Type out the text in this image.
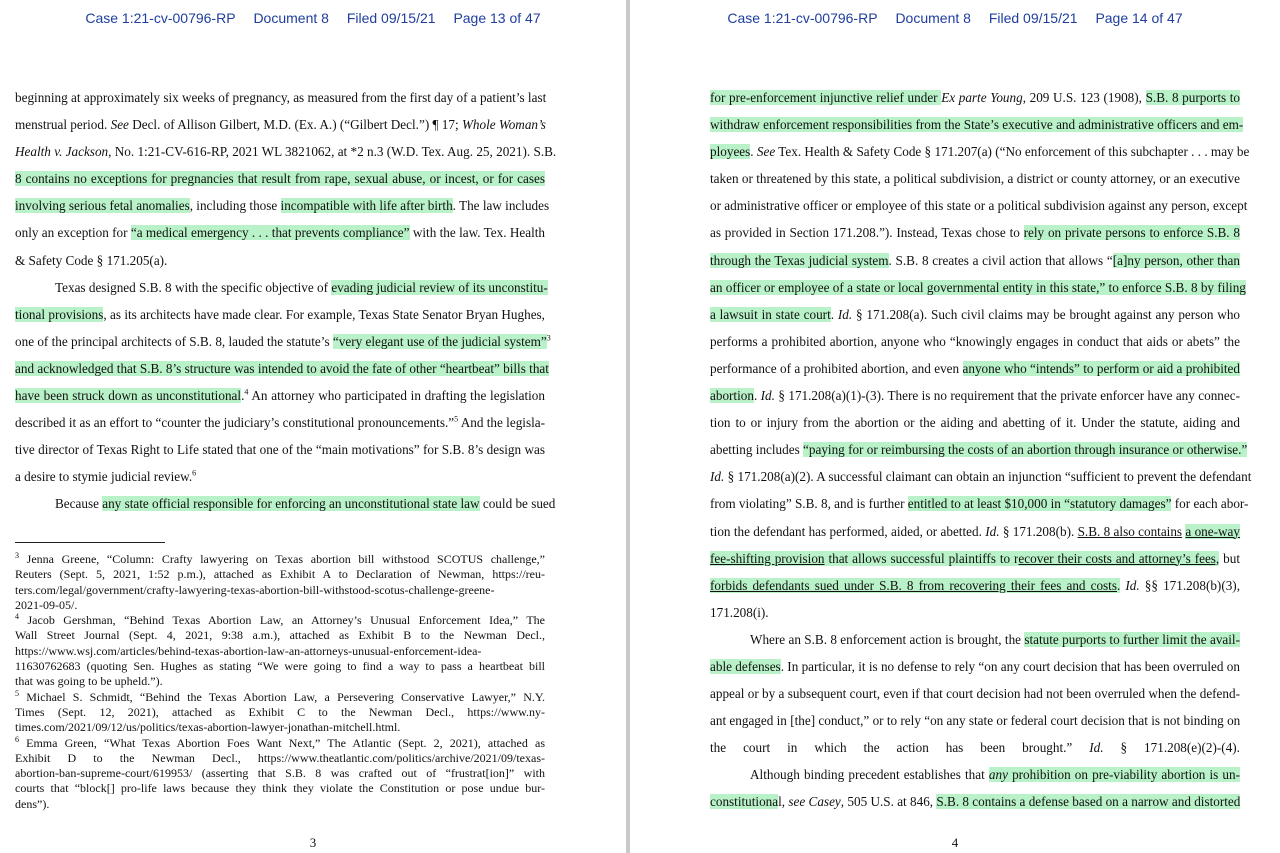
Case 1:21-cv-00796-RP Document 8 Filed 09/15/21 Page 13 of 47
beginning at approximately six weeks of pregnancy, as measured from the first day of a patient’s last
menstrual period. See Decl. of Allison Gilbert, M.D. (Ex. A.) (“Gilbert Decl.”) ¶ 17; Whole Woman’s
Health v. Jackson, No. 1:21-CV-616-RP, 2021 WL 3821062, at *2 n.3 (W.D. Tex. Aug. 25, 2021). S.B.
8 contains no exceptions for pregnancies that result from rape, sexual abuse, or incest, or for cases
involving serious fetal anomalies, including those incompatible with life after birth. The law includes
only an exception for “a medical emergency . . . that prevents compliance” with the law. Tex. Health
& Safety Code § 171.205(a).
Texas designed S.B. 8 with the specific objective of evading judicial review of its unconstitu-
tional provisions, as its architects have made clear. For example, Texas State Senator Bryan Hughes,
one of the principal architects of S.B. 8, lauded the statute’s “very elegant use of the judicial system”$^3$
and acknowledged that S.B. 8’s structure was intended to avoid the fate of other “heartbeat” bills that
have been struck down as unconstitutional.$^4$ An attorney who participated in drafting the legislation
described it as an effort to “counter the judiciary’s constitutional pronouncements.”$^5$ And the legisla-
tive director of Texas Right to Life stated that one of the “main motivations” for S.B. 8’s design was
a desire to stymie judicial review.$^6$
Because any state official responsible for enforcing an unconstitutional state law could be sued
$^3$ Jenna Greene, “Column: Crafty lawyering on Texas abortion bill withstood SCOTUS challenge,”
Reuters (Sept. 5, 2021, 1:52 p.m.), attached as Exhibit A to Declaration of Newman, https://reu-
ters.com/legal/government/crafty-lawyering-texas-abortion-bill-withstood-scotus-challenge-greene-
2021-09-05/.
$^4$ Jacob Gershman, “Behind Texas Abortion Law, an Attorney’s Unusual Enforcement Idea,” The
Wall Street Journal (Sept. 4, 2021, 9:38 a.m.), attached as Exhibit B to the Newman Decl.,
https://www.wsj.com/articles/behind-texas-abortion-law-an-attorneys-unusual-enforcement-idea-
11630762683 (quoting Sen. Hughes as stating “We were going to find a way to pass a heartbeat bill
that was going to be upheld.”).
$^5$ Michael S. Schmidt, “Behind the Texas Abortion Law, a Persevering Conservative Lawyer,” N.Y.
Times (Sept. 12, 2021), attached as Exhibit C to the Newman Decl., https://www.ny-
times.com/2021/09/12/us/politics/texas-abortion-lawyer-jonathan-mitchell.html.
$^6$ Emma Green, “What Texas Abortion Foes Want Next,” The Atlantic (Sept. 2, 2021), attached as
Exhibit D to the Newman Decl., https://www.theatlantic.com/politics/archive/2021/09/texas-
abortion-ban-supreme-court/619953/ (asserting that S.B. 8 was crafted out of “frustrat[ion]” with
courts that “block[] pro-life laws because they think they violate the Constitution or pose undue bur-
dens”).
3
Case 1:21-cv-00796-RP Document 8 Filed 09/15/21 Page 14 of 47
for pre-enforcement injunctive relief under Ex parte Young, 209 U.S. 123 (1908), S.B. 8 purports to
withdraw enforcement responsibilities from the State’s executive and administrative officers and em-
ployees. See Tex. Health & Safety Code § 171.207(a) (“No enforcement of this subchapter . . . may be
taken or threatened by this state, a political subdivision, a district or county attorney, or an executive
or administrative officer or employee of this state or a political subdivision against any person, except
as provided in Section 171.208.”). Instead, Texas chose to rely on private persons to enforce S.B. 8
through the Texas judicial system. S.B. 8 creates a civil action that allows “[a]ny person, other than
an officer or employee of a state or local governmental entity in this state,” to enforce S.B. 8 by filing
a lawsuit in state court. Id. § 171.208(a). Such civil claims may be brought against any person who
performs a prohibited abortion, anyone who “knowingly engages in conduct that aids or abets” the
performance of a prohibited abortion, and even anyone who “intends” to perform or aid a prohibited
abortion. Id. § 171.208(a)(1)-(3). There is no requirement that the private enforcer have any connec-
tion to or injury from the abortion or the aiding and abetting of it. Under the statute, aiding and
abetting includes “paying for or reimbursing the costs of an abortion through insurance or otherwise.”
Id. § 171.208(a)(2). A successful claimant can obtain an injunction “sufficient to prevent the defendant
from violating” S.B. 8, and is further entitled to at least $10,000 in “statutory damages” for each abor-
tion the defendant has performed, aided, or abetted. Id. § 171.208(b). S.B. 8 also contains a one-way
fee-shifting provision that allows successful plaintiffs to recover their costs and attorney’s fees, but
forbids defendants sued under S.B. 8 from recovering their fees and costs. Id. §§ 171.208(b)(3),
171.208(i).
Where an S.B. 8 enforcement action is brought, the statute purports to further limit the avail-
able defenses. In particular, it is no defense to rely “on any court decision that has been overruled on
appeal or by a subsequent court, even if that court decision had not been overruled when the defend-
ant engaged in [the] conduct,” or to rely “on any state or federal court decision that is not binding on
the court in which the action has been brought.” Id. § 171.208(e)(2)-(4).
Although binding precedent establishes that any prohibition on pre-viability abortion is un-
constitutional, see Casey, 505 U.S. at 846, S.B. 8 contains a defense based on a narrow and distorted
4
